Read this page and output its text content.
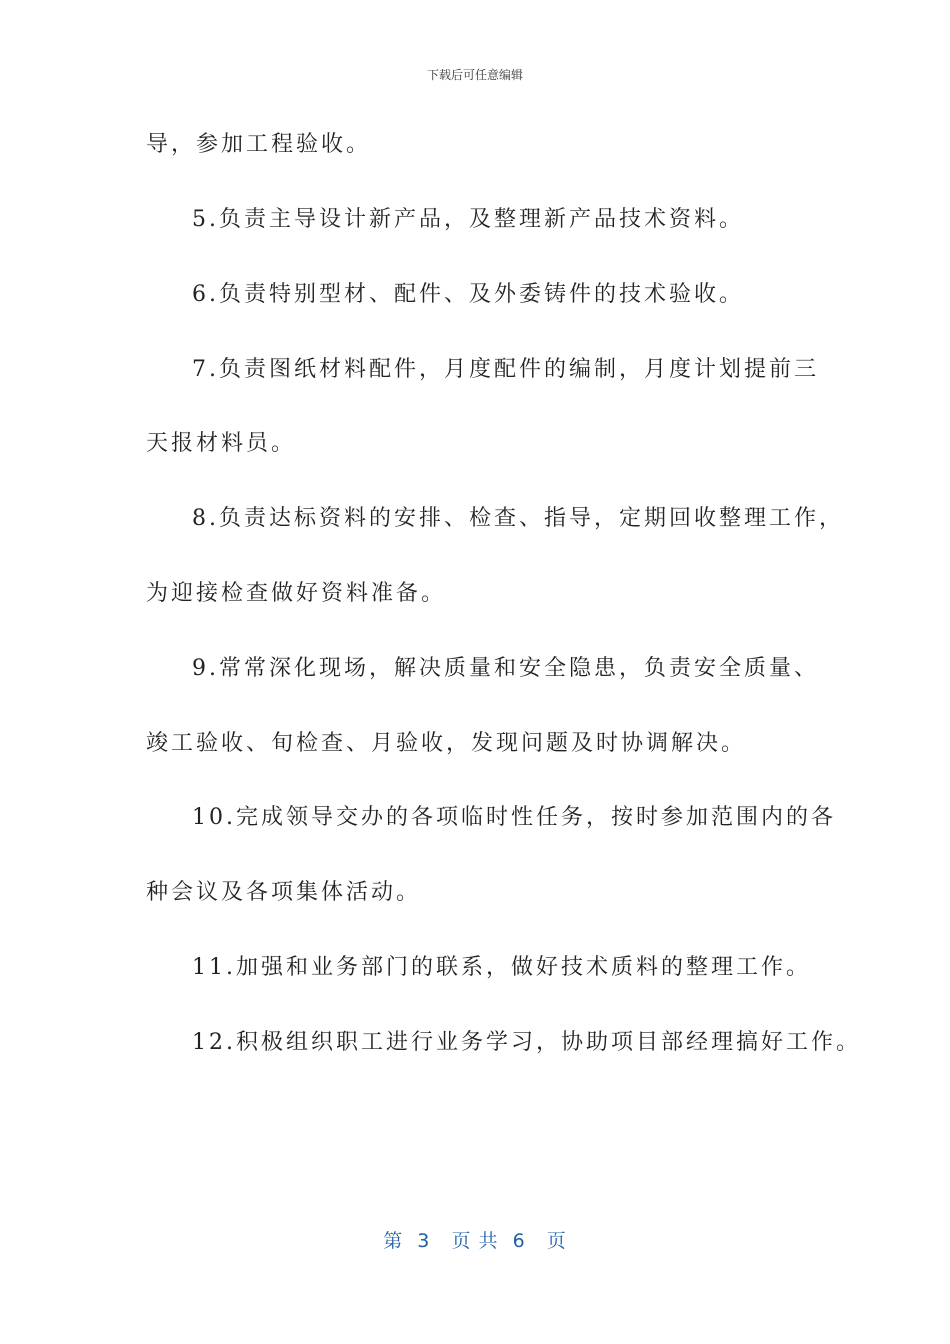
下载后可任意编辑
导，参加工程验收。
5.负责主导设计新产品，及整理新产品技术资料。
6.负责特别型材、配件、及外委铸件的技术验收。
7.负责图纸材料配件，月度配件的编制，月度计划提前三
天报材料员。
8.负责达标资料的安排、检查、指导，定期回收整理工作，
为迎接检查做好资料准备。
9.常常深化现场，解决质量和安全隐患，负责安全质量、
竣工验收、旬检查、月验收，发现问题及时协调解决。
10.完成领导交办的各项临时性任务，按时参加范围内的各
种会议及各项集体活动。
11.加强和业务部门的联系，做好技术质料的整理工作。
12.积极组织职工进行业务学习，协助项目部经理搞好工作。
第  3   页 共  6   页
